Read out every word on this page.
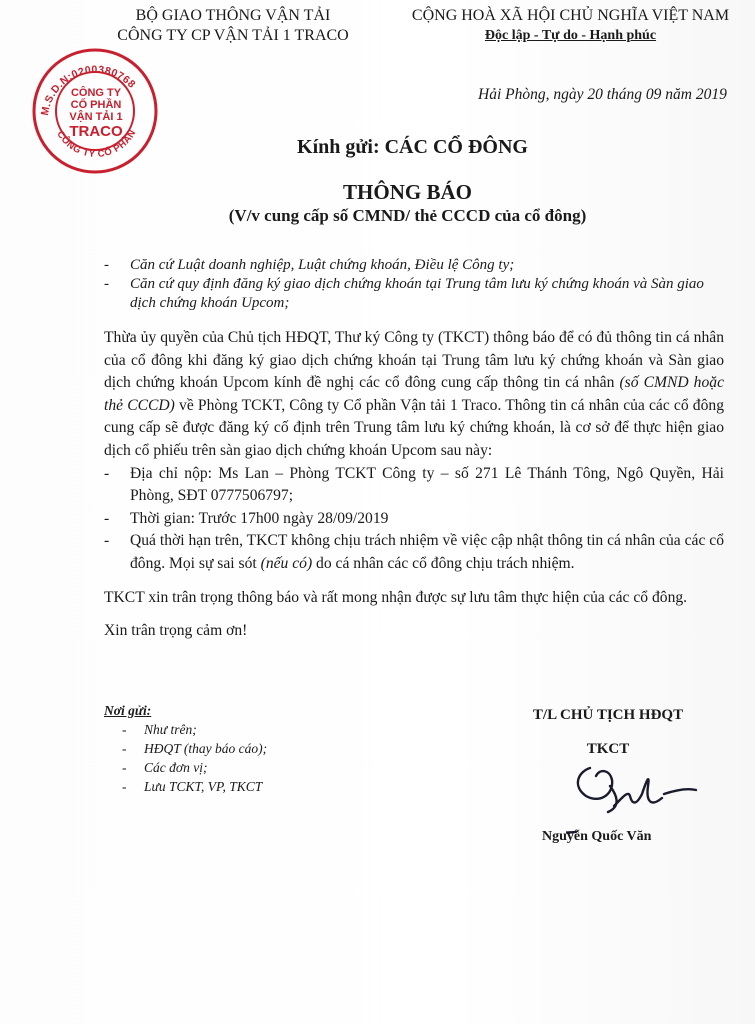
BỘ GIAO THÔNG VẬN TẢI
CÔNG TY CP VẬN TẢI 1 TRACO
CỘNG HOÀ XÃ HỘI CHỦ NGHĨA VIỆT NAM
Độc lập - Tự do - Hạnh phúc
Hải Phòng, ngày 20 tháng 09 năm 2019
M.S.D.N:0200380768
CÔNG TY CỔ PHẦN
CÔNG TY
CỔ PHẦN
VẬN TẢI 1
TRACO
Kính gửi: CÁC CỔ ĐÔNG
THÔNG BÁO
(V/v cung cấp số CMND/ thẻ CCCD của cổ đông)
- Căn cứ Luật doanh nghiệp, Luật chứng khoán, Điều lệ Công ty;
- Căn cứ quy định đăng ký giao dịch chứng khoán tại Trung tâm lưu ký chứng khoán và Sàn giao dịch chứng khoán Upcom;

Thừa ủy quyền của Chủ tịch HĐQT, Thư ký Công ty (TKCT) thông báo để có đủ thông tin cá nhân của cổ đông khi đăng ký giao dịch chứng khoán tại Trung tâm lưu ký chứng khoán và Sàn giao dịch chứng khoán Upcom kính đề nghị các cổ đông cung cấp thông tin cá nhân (số CMND hoặc thẻ CCCD) về Phòng TCKT, Công ty Cổ phần Vận tải 1 Traco. Thông tin cá nhân của các cổ đông cung cấp sẽ được đăng ký cố định trên Trung tâm lưu ký chứng khoán, là cơ sở để thực hiện giao dịch cổ phiếu trên sàn giao dịch chứng khoán Upcom sau này:

- Địa chỉ nộp: Ms Lan – Phòng TCKT Công ty – số 271 Lê Thánh Tông, Ngô Quyền, Hải Phòng, SĐT 0777506797;
- Thời gian: Trước 17h00 ngày 28/09/2019
- Quá thời hạn trên, TKCT không chịu trách nhiệm về việc cập nhật thông tin cá nhân của các cổ đông. Mọi sự sai sót (nếu có) do cá nhân các cổ đông chịu trách nhiệm.

TKCT xin trân trọng thông báo và rất mong nhận được sự lưu tâm thực hiện của các cổ đông.

Xin trân trọng cảm ơn!

Nơi gửi:
- Như trên;
- HĐQT (thay báo cáo);
- Các đơn vị;
- Lưu TCKT, VP, TKCT
T/L CHỦ TỊCH HĐQT
TKCT
Nguyễn Quốc Văn
